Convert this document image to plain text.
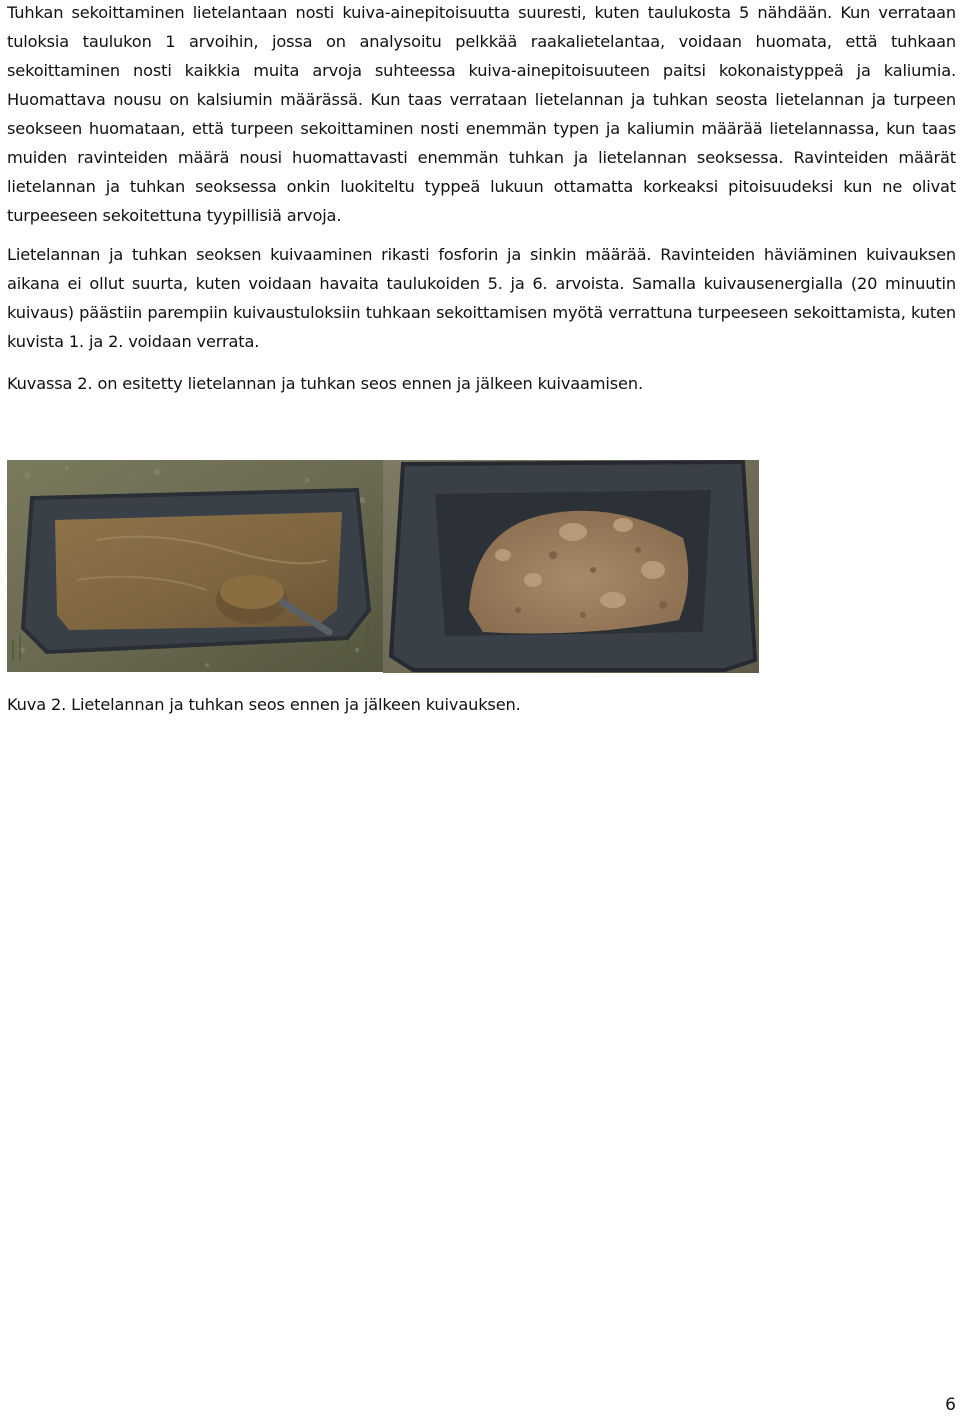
Tuhkan sekoittaminen lietelantaan nosti kuiva-ainepitoisuutta suuresti, kuten taulukosta 5 nähdään. Kun verrataan tuloksia taulukon 1 arvoihin, jossa on analysoitu pelkkää raakalietelantaa, voidaan huomata, että tuhkaan sekoittaminen nosti kaikkia muita arvoja suhteessa kuiva-ainepitoisuuteen paitsi kokonaistyppeä ja kaliumia. Huomattava nousu on kalsiumin määrässä. Kun taas verrataan lietelannan ja tuhkan seosta lietelannan ja turpeen seokseen huomataan, että turpeen sekoittaminen nosti enemmän typen ja kaliumin määrää lietelannassa, kun taas muiden ravinteiden määrä nousi huomattavasti enemmän tuhkan ja lietelannan seoksessa. Ravinteiden määrät lietelannan ja tuhkan seoksessa onkin luokiteltu typpeä lukuun ottamatta korkeaksi pitoisuudeksi kun ne olivat turpeeseen sekoitettuna tyypillisiä arvoja.

Lietelannan ja tuhkan seoksen kuivaaminen rikasti fosforin ja sinkin määrää. Ravinteiden häviäminen kuivauksen aikana ei ollut suurta, kuten voidaan havaita taulukoiden 5. ja 6. arvoista. Samalla kuivausenergialla (20 minuutin kuivaus) päästiin parempiin kuivaustuloksiin tuhkaan sekoittamisen myötä verrattuna turpeeseen sekoittamista, kuten kuvista 1. ja 2. voidaan verrata.

Kuvassa 2. on esitetty lietelannan ja tuhkan seos ennen ja jälkeen kuivaamisen.

Kuva 2. Lietelannan ja tuhkan seos ennen ja jälkeen kuivauksen.

6
